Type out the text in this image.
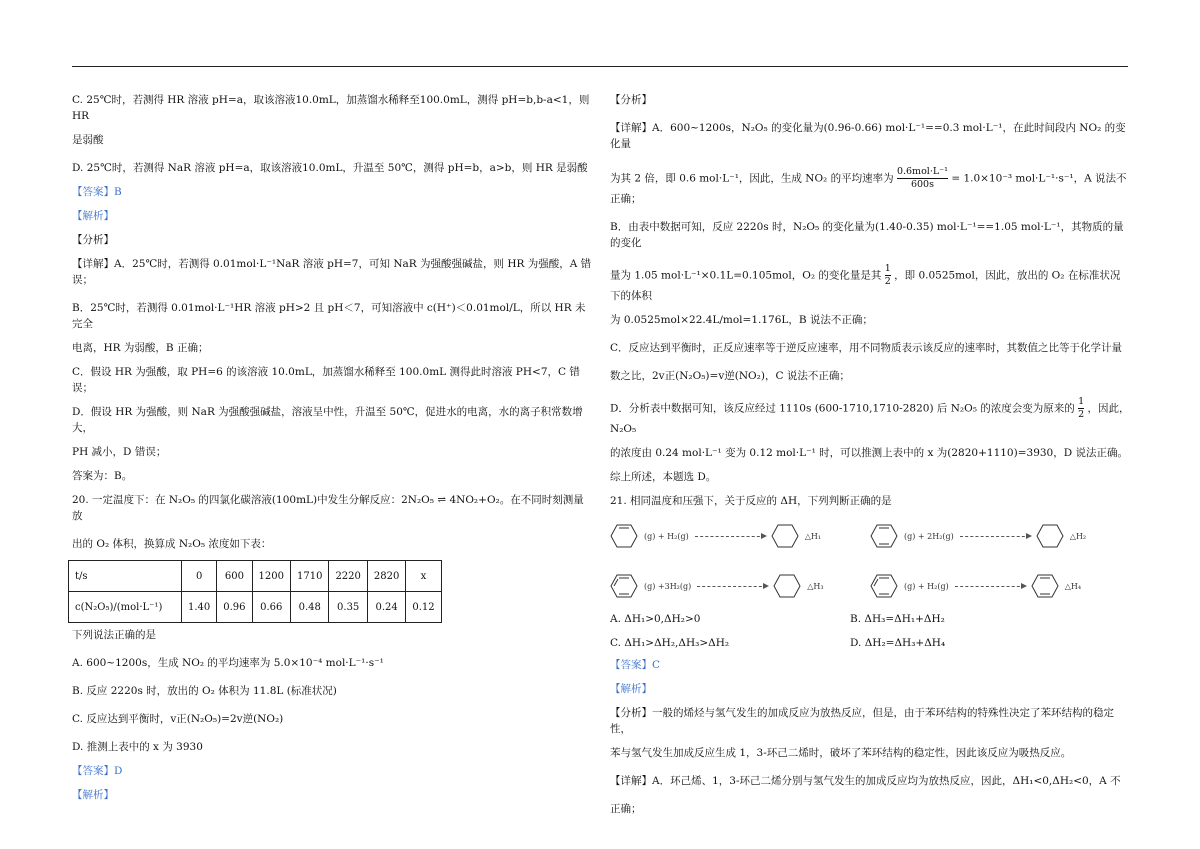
C. 25℃时，若测得 HR 溶液 pH=a，取该溶液10.0mL，加蒸馏水稀释至100.0mL，测得 pH=b,b-a<1，则 HR

是弱酸

D. 25℃时，若测得 NaR 溶液 pH=a，取该溶液10.0mL，升温至 50℃，测得 pH=b，a>b，则 HR 是弱酸

【答案】B

【解析】

【分析】

【详解】A．25℃时，若测得 0.01mol·L⁻¹NaR 溶液 pH=7，可知 NaR 为强酸强碱盐，则 HR 为强酸，A 错误；

B．25℃时，若测得 0.01mol·L⁻¹HR 溶液 pH>2 且 pH＜7，可知溶液中 c(H⁺)＜0.01mol/L，所以 HR 未完全

电离，HR 为弱酸，B 正确；

C．假设 HR 为强酸，取 PH=6 的该溶液 10.0mL，加蒸馏水稀释至 100.0mL 测得此时溶液 PH<7，C 错误；

D．假设 HR 为强酸，则 NaR 为强酸强碱盐，溶液呈中性，升温至 50℃，促进水的电离，水的离子积常数增大，

PH 减小，D 错误；

答案为：B。

20. 一定温度下：在 N₂O₅ 的四氯化碳溶液(100mL)中发生分解反应：2N₂O₅ ⇌ 4NO₂+O₂。在不同时刻测量放

出的 O₂ 体积，换算成 N₂O₅ 浓度如下表：

t/s	0	600	1200	1710	2220	2820	x
c(N₂O₅)/(mol·L⁻¹)	1.40	0.96	0.66	0.48	0.35	0.24	0.12

下列说法正确的是

A. 600~1200s，生成 NO₂ 的平均速率为 5.0×10⁻⁴ mol·L⁻¹·s⁻¹

B. 反应 2220s 时，放出的 O₂ 体积为 11.8L (标准状况)

C. 反应达到平衡时，v正(N₂O₅)=2v逆(NO₂)

D. 推测上表中的 x 为 3930

【答案】D

【解析】

【分析】

【详解】A．600~1200s，N₂O₅ 的变化量为(0.96-0.66) mol·L⁻¹==0.3 mol·L⁻¹，在此时间段内 NO₂ 的变化量

为其 2 倍，即 0.6 mol·L⁻¹，因此，生成 NO₂ 的平均速率为 $\frac{\text{0.6mol·L⁻¹}}{600s} = 1.0\times 10^{-3}$ mol·L⁻¹·s⁻¹，A 说法不正确；

B．由表中数据可知，反应 2220s 时，N₂O₅ 的变化量为(1.40-0.35) mol·L⁻¹==1.05 mol·L⁻¹，其物质的量的变化

量为 1.05 mol·L⁻¹×0.1L=0.105mol，O₂ 的变化量是其 $\frac{1}{2}$ ，即 0.0525mol，因此，放出的 O₂ 在标准状况下的体积

为 0.0525mol×22.4L/mol=1.176L，B 说法不正确；

C．反应达到平衡时，正反应速率等于逆反应速率，用不同物质表示该反应的速率时，其数值之比等于化学计量

数之比，2v正(N₂O₅)=v逆(NO₂)，C 说法不正确；

D．分析表中数据可知，该反应经过 1110s (600-1710,1710-2820) 后 N₂O₅ 的浓度会变为原来的 $\frac{1}{2}$ ，因此，N₂O₅

的浓度由 0.24 mol·L⁻¹ 变为 0.12 mol·L⁻¹ 时，可以推测上表中的 x 为(2820+1110)=3930，D 说法正确。

综上所述，本题选 D。

21. 相同温度和压强下，关于反应的 ΔH，下列判断正确的是

(g) + H₂(g)	△H₁	(g) + 2H₂(g)	△H₂
(g) +3H₂(g)	△H₃	(g) + H₂(g)	△H₄
A. ΔH₁>0,ΔH₂>0	B. ΔH₃=ΔH₁+ΔH₂
C. ΔH₁>ΔH₂,ΔH₃>ΔH₂	D. ΔH₂=ΔH₃+ΔH₄

【答案】C

【解析】

【分析】一般的烯烃与氢气发生的加成反应为放热反应，但是，由于苯环结构的特殊性决定了苯环结构的稳定性，

苯与氢气发生加成反应生成 1，3-环己二烯时，破坏了苯环结构的稳定性，因此该反应为吸热反应。

【详解】A．环己烯、1，3-环己二烯分别与氢气发生的加成反应均为放热反应，因此，ΔH₁<0,ΔH₂<0，A 不

正确；
